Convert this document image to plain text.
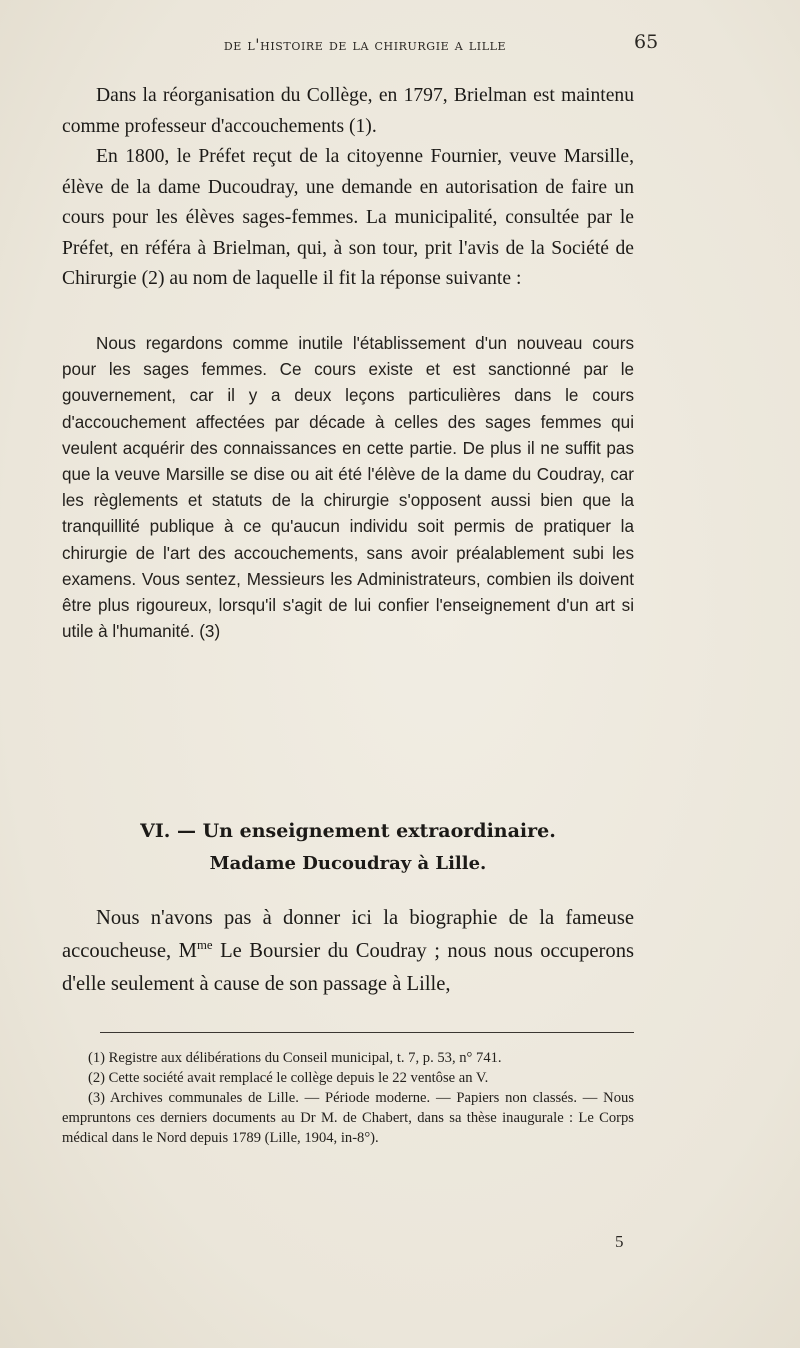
de l'histoire de la chirurgie a lille	65

Dans la réorganisation du Collège, en 1797, Brielman est maintenu comme professeur d'accouchements (1).

En 1800, le Préfet reçut de la citoyenne Fournier, veuve Marsille, élève de la dame Ducoudray, une demande en autorisation de faire un cours pour les élèves sages-femmes. La municipalité, consultée par le Préfet, en référa à Brielman, qui, à son tour, prit l'avis de la Société de Chirurgie (2) au nom de laquelle il fit la réponse suivante :

Nous regardons comme inutile l'établissement d'un nouveau cours pour les sages femmes. Ce cours existe et est sanctionné par le gouvernement, car il y a deux leçons particulières dans le cours d'accouchement affectées par décade à celles des sages femmes qui veulent acquérir des connaissances en cette partie. De plus il ne suffit pas que la veuve Marsille se dise ou ait été l'élève de la dame du Coudray, car les règlements et statuts de la chirurgie s'opposent aussi bien que la tranquillité publique à ce qu'aucun individu soit permis de pratiquer la chirurgie de l'art des accouchements, sans avoir préalablement subi les examens. Vous sentez, Messieurs les Administrateurs, combien ils doivent être plus rigoureux, lorsqu'il s'agit de lui confier l'enseignement d'un art si utile à l'humanité. (3)

VI. — Un enseignement extraordinaire.
Madame Ducoudray à Lille.

Nous n'avons pas à donner ici la biographie de la fameuse accoucheuse, $M^{me}$ Le Boursier du Coudray ; nous nous occuperons d'elle seulement à cause de son passage à Lille,

(1) Registre aux délibérations du Conseil municipal, t. 7, p. 53, n° 741.

(2) Cette société avait remplacé le collège depuis le 22 ventôse an V.

(3) Archives communales de Lille. — Période moderne. — Papiers non classés. — Nous empruntons ces derniers documents au Dr M. de Chabert, dans sa thèse inaugurale : Le Corps médical dans le Nord depuis 1789 (Lille, 1904, in-8°).

5
